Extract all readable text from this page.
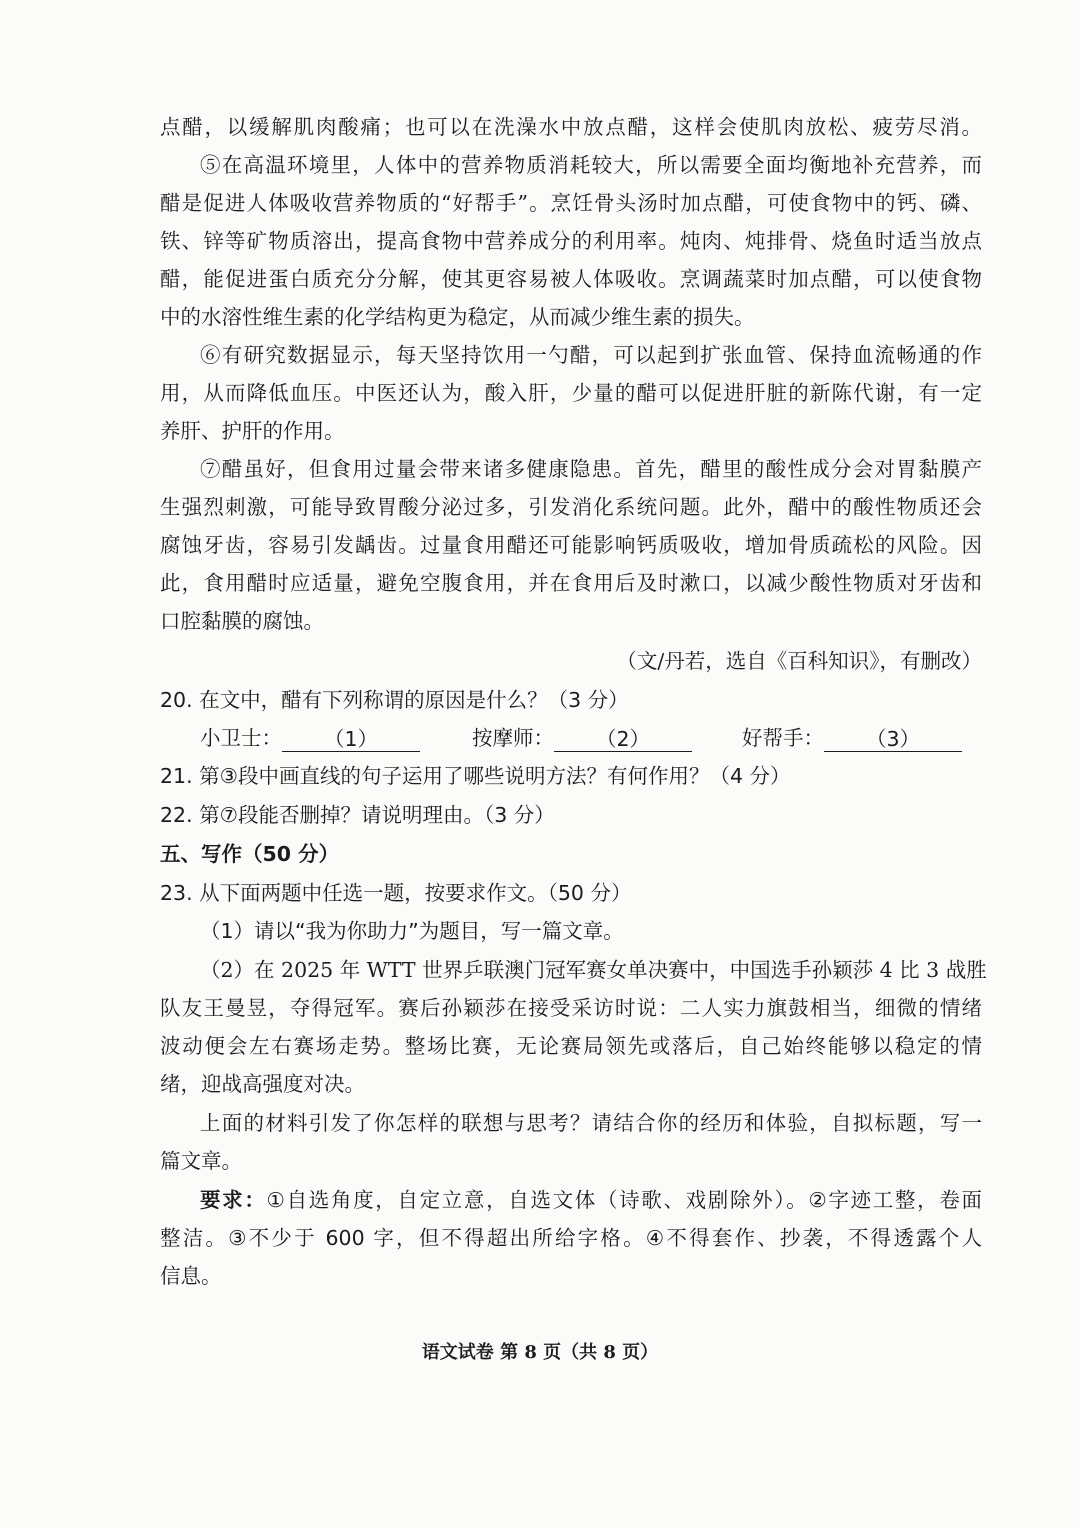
点醋，以缓解肌肉酸痛；也可以在洗澡水中放点醋，这样会使肌肉放松、疲劳尽消。
⑤在高温环境里，人体中的营养物质消耗较大，所以需要全面均衡地补充营养，而
醋是促进人体吸收营养物质的“好帮手”。烹饪骨头汤时加点醋，可使食物中的钙、磷、
铁、锌等矿物质溶出，提高食物中营养成分的利用率。炖肉、炖排骨、烧鱼时适当放点
醋，能促进蛋白质充分分解，使其更容易被人体吸收。烹调蔬菜时加点醋，可以使食物
中的水溶性维生素的化学结构更为稳定，从而减少维生素的损失。
⑥有研究数据显示，每天坚持饮用一勺醋，可以起到扩张血管、保持血流畅通的作
用，从而降低血压。中医还认为，酸入肝，少量的醋可以促进肝脏的新陈代谢，有一定
养肝、护肝的作用。
⑦醋虽好，但食用过量会带来诸多健康隐患。首先，醋里的酸性成分会对胃黏膜产
生强烈刺激，可能导致胃酸分泌过多，引发消化系统问题。此外，醋中的酸性物质还会
腐蚀牙齿，容易引发龋齿。过量食用醋还可能影响钙质吸收，增加骨质疏松的风险。因
此，食用醋时应适量，避免空腹食用，并在食用后及时漱口，以减少酸性物质对牙齿和
口腔黏膜的腐蚀。
（文/丹若，选自《百科知识》，有删改）
20. 在文中，醋有下列称谓的原因是什么？（3 分）
小卫士： （1）	按摩师： （2）	好帮手： （3）
21. 第③段中画直线的句子运用了哪些说明方法？有何作用？（4 分）
22. 第⑦段能否删掉？请说明理由。（3 分）
五、写作（50 分）
23. 从下面两题中任选一题，按要求作文。（50 分）
（1）请以“我为你助力”为题目，写一篇文章。
（2）在 2025 年 WTT 世界乒联澳门冠军赛女单决赛中，中国选手孙颖莎 4 比 3 战胜
队友王曼昱，夺得冠军。赛后孙颖莎在接受采访时说：二人实力旗鼓相当，细微的情绪
波动便会左右赛场走势。整场比赛，无论赛局领先或落后，自己始终能够以稳定的情
绪，迎战高强度对决。
上面的材料引发了你怎样的联想与思考？请结合你的经历和体验，自拟标题，写一
篇文章。
要求：①自选角度，自定立意，自选文体（诗歌、戏剧除外）。②字迹工整，卷面
整洁。③不少于 600 字，但不得超出所给字格。④不得套作、抄袭，不得透露个人
信息。
语文试卷 第 8 页（共 8 页）
